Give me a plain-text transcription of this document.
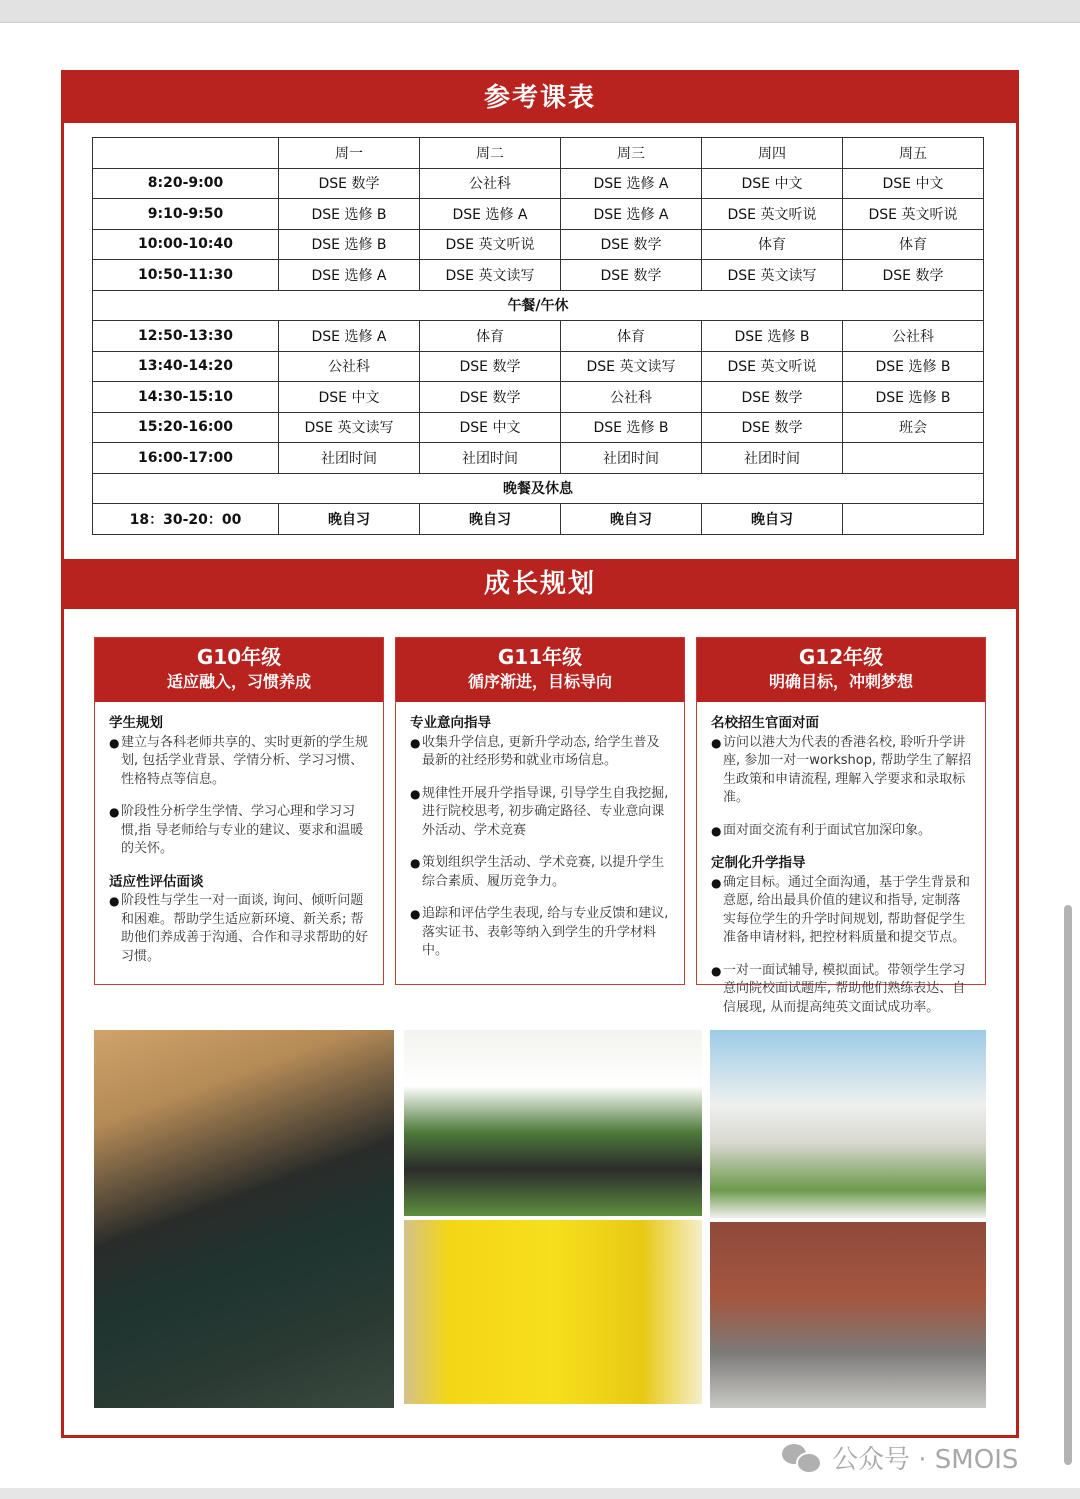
参考课表
	周一	周二	周三	周四	周五
8:20-9:00	DSE 数学	公社科	DSE 选修 A	DSE 中文	DSE 中文
9:10-9:50	DSE 选修 B	DSE 选修 A	DSE 选修 A	DSE 英文听说	DSE 英文听说
10:00-10:40	DSE 选修 B	DSE 英文听说	DSE 数学	体育	体育
10:50-11:30	DSE 选修 A	DSE 英文读写	DSE 数学	DSE 英文读写	DSE 数学
午餐/午休					
12:50-13:30	DSE 选修 A	体育	体育	DSE 选修 B	公社科
13:40-14:20	公社科	DSE 数学	DSE 英文读写	DSE 英文听说	DSE 选修 B
14:30-15:10	DSE 中文	DSE 数学	公社科	DSE 数学	DSE 选修 B
15:20-16:00	DSE 英文读写	DSE 中文	DSE 选修 B	DSE 数学	班会
16:00-17:00	社团时间	社团时间	社团时间	社团时间	
晚餐及休息					
18：30-20：00	晚自习	晚自习	晚自习	晚自习	
成长规划
G10年级
适应融入，习惯养成
学生规划
● 建立与各科老师共享的、实时更新的学生规划, 包括学业背景、学情分析、学习习惯、性格特点等信息。
● 阶段性分析学生学情、学习心理和学习习惯,指 导老师给与专业的建议、要求和温暖的关怀。
适应性评估面谈
● 阶段性与学生一对一面谈, 询问、倾听问题和困难。帮助学生适应新环境、新关系; 帮助他们养成善于沟通、合作和寻求帮助的好习惯。
G11年级
循序渐进，目标导向
专业意向指导
● 收集升学信息, 更新升学动态, 给学生普及最新的社经形势和就业市场信息。
● 规律性开展升学指导课, 引导学生自我挖掘, 进行院校思考, 初步确定路径、专业意向课外活动、学术竞赛
● 策划组织学生活动、学术竞赛, 以提升学生综合素质、履历竞争力。
● 追踪和评估学生表现, 给与专业反馈和建议, 落实证书、表彰等纳入到学生的升学材料中。
G12年级
明确目标，冲刺梦想
名校招生官面对面
● 访问以港大为代表的香港名校, 聆听升学讲座, 参加一对一workshop, 帮助学生了解招生政策和申请流程, 理解入学要求和录取标准。
● 面对面交流有利于面试官加深印象。
定制化升学指导
● 确定目标。通过全面沟通，基于学生背景和意愿, 给出最具价值的建议和指导, 定制落实每位学生的升学时间规划, 帮助督促学生准备申请材料, 把控材料质量和提交节点。
● 一对一面试辅导, 模拟面试。带领学生学习意向院校面试题库, 帮助他们熟练表达、自信展现, 从而提高纯英文面试成功率。
公众号 · SMOIS
